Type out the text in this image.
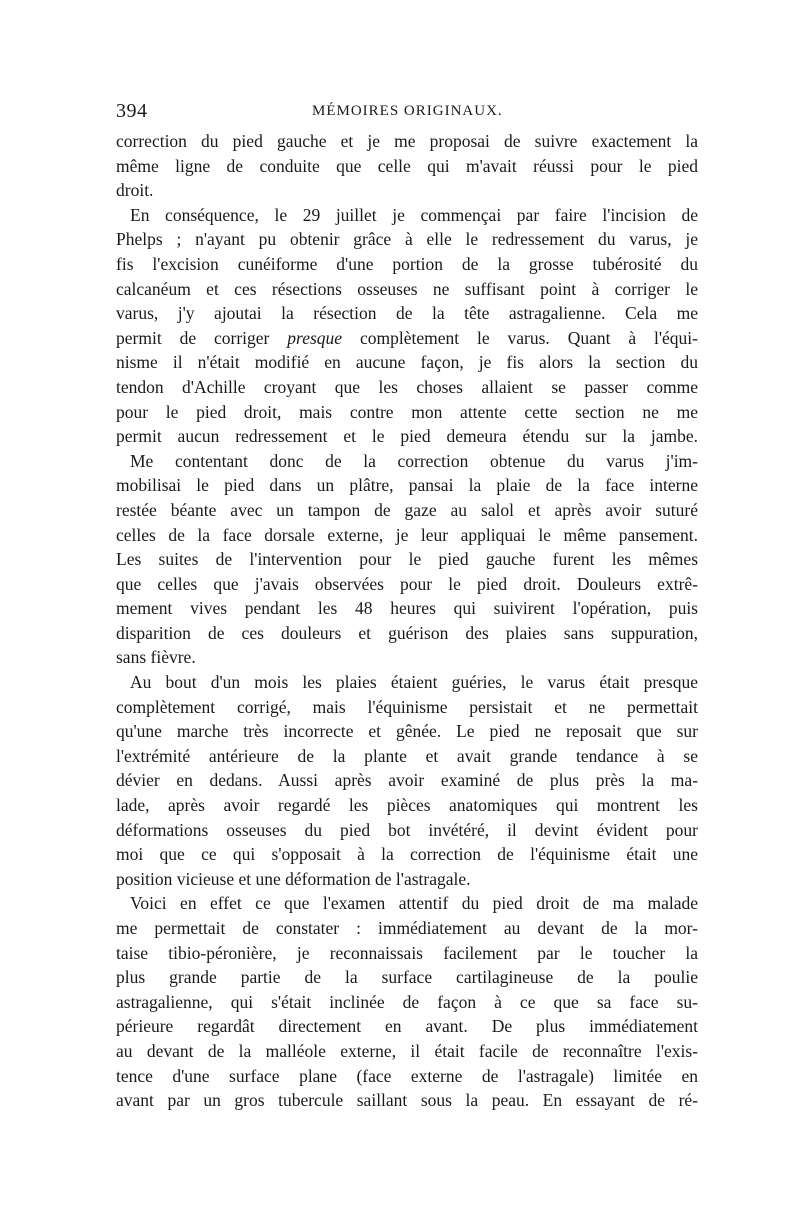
394	MÉMOIRES ORIGINAUX.
correction du pied gauche et je me proposai de suivre exactement la
même ligne de conduite que celle qui m'avait réussi pour le pied
droit.
En conséquence, le 29 juillet je commençai par faire l'incision de
Phelps ; n'ayant pu obtenir grâce à elle le redressement du varus, je
fis l'excision cunéiforme d'une portion de la grosse tubérosité du
calcanéum et ces résections osseuses ne suffisant point à corriger le
varus, j'y ajoutai la résection de la tête astragalienne. Cela me
permit de corriger presque complètement le varus. Quant à l'équi-
nisme il n'était modifié en aucune façon, je fis alors la section du
tendon d'Achille croyant que les choses allaient se passer comme
pour le pied droit, mais contre mon attente cette section ne me
permit aucun redressement et le pied demeura étendu sur la jambe.
Me contentant donc de la correction obtenue du varus j'im-
mobilisai le pied dans un plâtre, pansai la plaie de la face interne
restée béante avec un tampon de gaze au salol et après avoir suturé
celles de la face dorsale externe, je leur appliquai le même pansement.
Les suites de l'intervention pour le pied gauche furent les mêmes
que celles que j'avais observées pour le pied droit. Douleurs extrê-
mement vives pendant les 48 heures qui suivirent l'opération, puis
disparition de ces douleurs et guérison des plaies sans suppuration,
sans fièvre.
Au bout d'un mois les plaies étaient guéries, le varus était presque
complètement corrigé, mais l'équinisme persistait et ne permettait
qu'une marche très incorrecte et gênée. Le pied ne reposait que sur
l'extrémité antérieure de la plante et avait grande tendance à se
dévier en dedans. Aussi après avoir examiné de plus près la ma-
lade, après avoir regardé les pièces anatomiques qui montrent les
déformations osseuses du pied bot invétéré, il devint évident pour
moi que ce qui s'opposait à la correction de l'équinisme était une
position vicieuse et une déformation de l'astragale.
Voici en effet ce que l'examen attentif du pied droit de ma malade
me permettait de constater : immédiatement au devant de la mor-
taise tibio-péronière, je reconnaissais facilement par le toucher la
plus grande partie de la surface cartilagineuse de la poulie
astragalienne, qui s'était inclinée de façon à ce que sa face su-
périeure regardât directement en avant. De plus immédiatement
au devant de la malléole externe, il était facile de reconnaître l'exis-
tence d'une surface plane (face externe de l'astragale) limitée en
avant par un gros tubercule saillant sous la peau. En essayant de ré-
